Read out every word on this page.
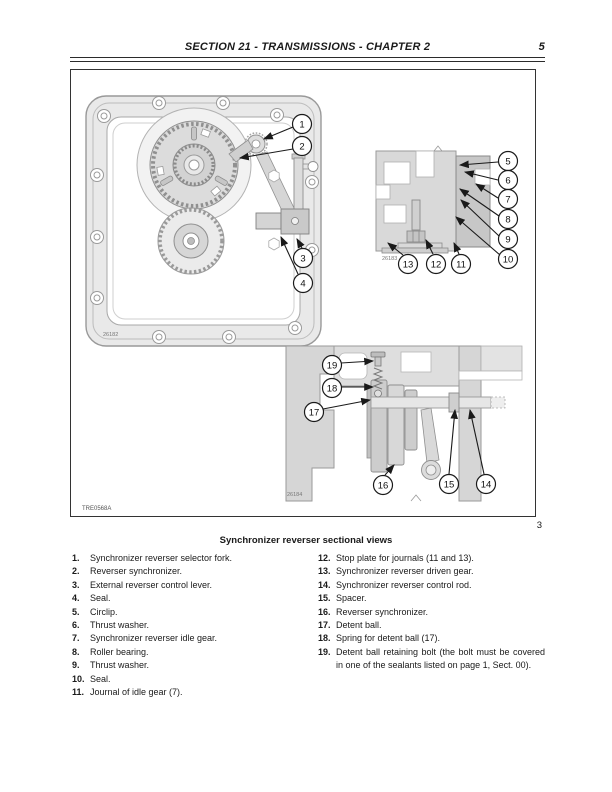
SECTION 21 - TRANSMISSIONS - CHAPTER 2	5
26182
26183
26184
1
2
3
4
5
6
7
8
9
10
11
12
13
14
15
16
17
18
19
TRE0568A
3
Synchronizer reverser sectional views
1.	Synchronizer reverser selector fork.
2.	Reverser synchronizer.
3.	External reverser control lever.
4.	Seal.
5.	Circlip.
6.	Thrust washer.
7.	Synchronizer reverser idle gear.
8.	Roller bearing.
9.	Thrust washer.
10. Seal.
11. Journal of idle gear (7).
12. Stop plate for journals (11 and 13).
13. Synchronizer reverser driven gear.
14. Synchronizer reverser control rod.
15. Spacer.
16. Reverser synchronizer.
17. Detent ball.
18. Spring for detent ball (17).
19. Detent ball retaining bolt (the bolt must be covered in one of the sealants listed on page 1, Sect. 00).
